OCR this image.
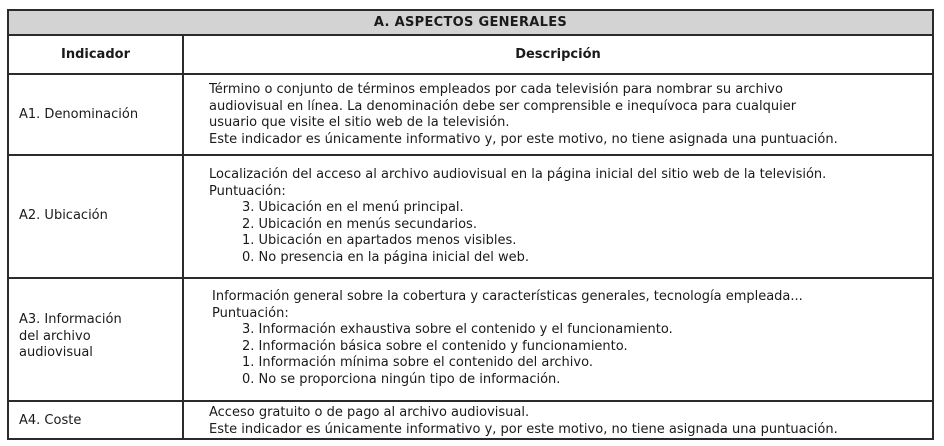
A. ASPECTOS GENERALES
Indicador	Descripción
A1. Denominación
Término o conjunto de términos empleados por cada televisión para nombrar su archivo
audiovisual en línea. La denominación debe ser comprensible e inequívoca para cualquier
usuario que visite el sitio web de la televisión.
Este indicador es únicamente informativo y, por este motivo, no tiene asignada una puntuación.
A2. Ubicación
Localización del acceso al archivo audiovisual en la página inicial del sitio web de la televisión.
Puntuación:
3. Ubicación en el menú principal.
2. Ubicación en menús secundarios.
1. Ubicación en apartados menos visibles.
0. No presencia en la página inicial del web.
A3. Información
del archivo
audiovisual
Información general sobre la cobertura y características generales, tecnología empleada...
Puntuación:
3. Información exhaustiva sobre el contenido y el funcionamiento.
2. Información básica sobre el contenido y funcionamiento.
1. Información mínima sobre el contenido del archivo.
0. No se proporciona ningún tipo de información.
A4. Coste
Acceso gratuito o de pago al archivo audiovisual.
Este indicador es únicamente informativo y, por este motivo, no tiene asignada una puntuación.
